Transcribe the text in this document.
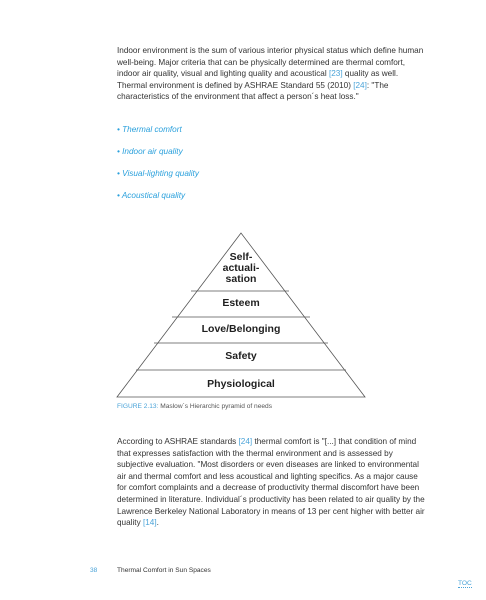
Indoor environment is the sum of various interior physical status which define human well-being. Major criteria that can be physically determined are thermal comfort, indoor air quality, visual and lighting quality and acoustical [23] quality as well. Thermal environment is defined by ASHRAE Standard 55 (2010) [24]: "The characteristics of the environment that affect a person´s heat loss."
• Thermal comfort
• Indoor air quality
• Visual-lighting quality
• Acoustical quality
Self-
actuali-
sation
Esteem
Love/Belonging
Safety
Physiological
FIGURE 2.13: Maslow´s Hierarchic pyramid of needs
According to ASHRAE standards [24] thermal comfort is "[...] that condition of mind that expresses satisfaction with the thermal environment and is assessed by subjective evaluation. "Most disorders or even diseases are linked to environmental air and thermal comfort and less acoustical and lighting specifics. As a major cause for comfort complaints and a decrease of productivity thermal discomfort have been determined in literature. Individual´s productivity has been related to air quality by the Lawrence Berkeley National Laboratory in means of 13 per cent higher with better air quality [14].
38	Thermal Comfort in Sun Spaces
TOC
